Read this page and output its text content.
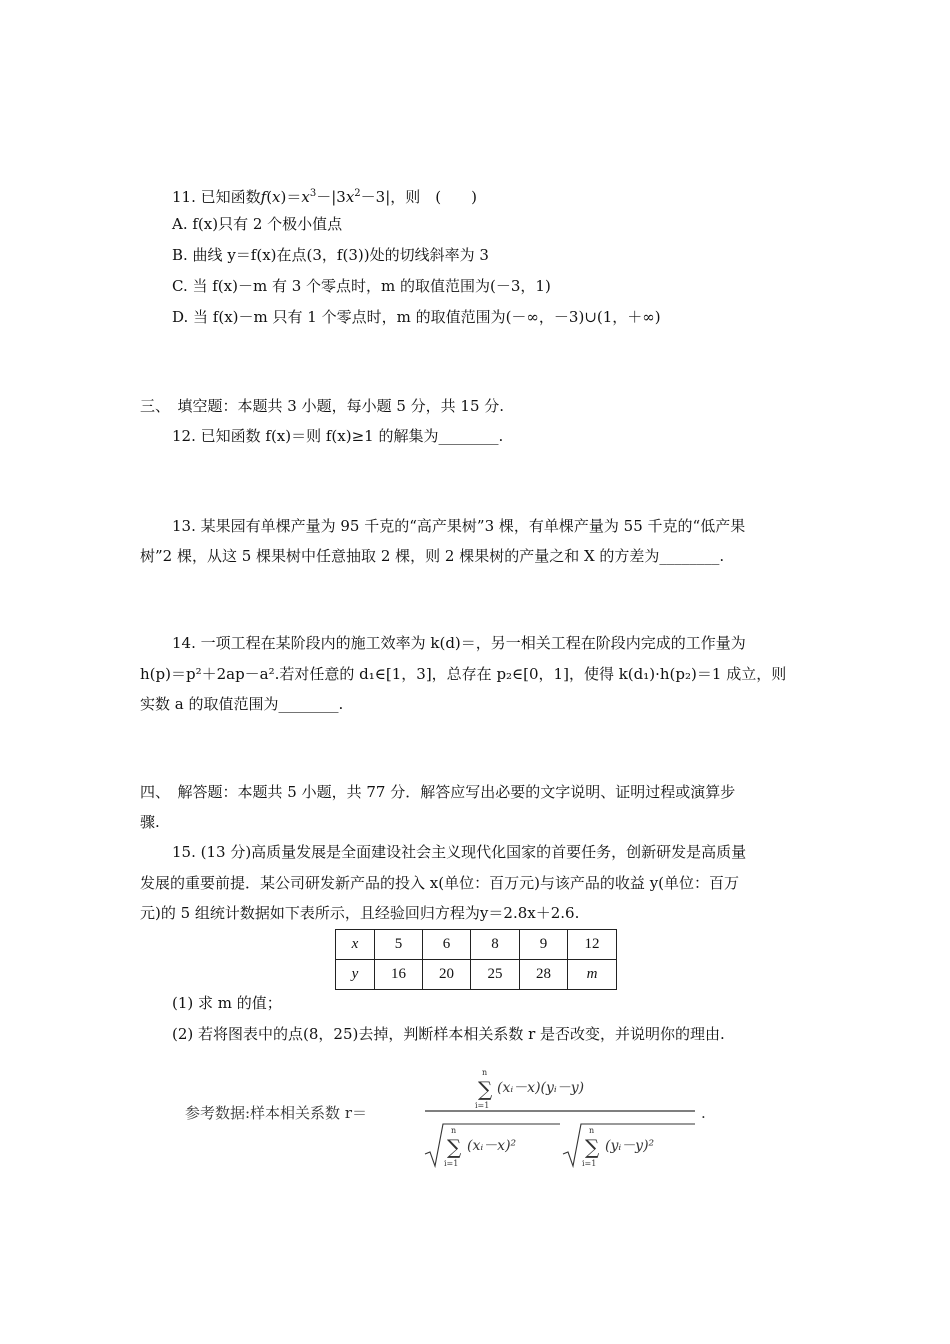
11. 已知函数$f(x)=x^3-|3x^2-3|$，则　(　　)
A. f(x)只有 2 个极小值点
B. 曲线 y＝f(x)在点(3，f(3))处的切线斜率为 3
C. 当 f(x)－m 有 3 个零点时，m 的取值范围为(－3，1)
D. 当 f(x)－m 只有 1 个零点时，m 的取值范围为(－∞，－3)∪(1，＋∞)
三、　填空题：本题共 3 小题，每小题 5 分，共 15 分.
12. 已知函数 f(x)＝则 f(x)≥1 的解集为________.
13. 某果园有单棵产量为 95 千克的“高产果树”3 棵，有单棵产量为 55 千克的“低产果
树”2 棵，从这 5 棵果树中任意抽取 2 棵，则 2 棵果树的产量之和 X 的方差为________.
14. 一项工程在某阶段内的施工效率为 k(d)＝，另一相关工程在阶段内完成的工作量为
h(p)＝p²＋2ap－a².若对任意的 d₁∈[1，3]，总存在 p₂∈[0，1]，使得 k(d₁)·h(p₂)＝1 成立，则
实数 a 的取值范围为________.
四、　解答题：本题共 5 小题，共 77 分．解答应写出必要的文字说明、证明过程或演算步
骤.
15. (13 分)高质量发展是全面建设社会主义现代化国家的首要任务，创新研发是高质量
发展的重要前提．某公司研发新产品的投入 x(单位：百万元)与该产品的收益 y(单位：百万
元)的 5 组统计数据如下表所示，且经验回归方程为y＝2.8x＋2.6.
x	5	6	8	9	12
y	16	20	25	28	m
(1) 求 m 的值；
(2) 若将图表中的点(8，25)去掉，判断样本相关系数 r 是否改变，并说明你的理由.
参考数据:样本相关系数 r＝
∑
n
i=1
(xᵢ－x)(yᵢ－y)
.
∑
n
i=1
(xᵢ－x)²	∑
n
i=1
(yᵢ－y)²
